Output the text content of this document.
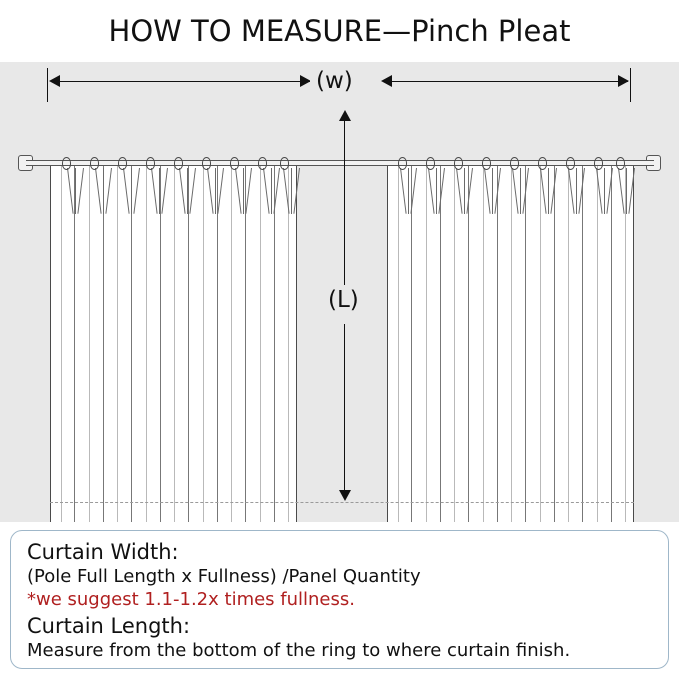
HOW TO MEASURE—Pinch Pleat
(w)
(L)

Curtain Width:

(Pole Full Length x Fullness) /Panel Quantity

*we suggest 1.1-1.2x times fullness.

Curtain Length:

Measure from the bottom of the ring to where curtain finish.
